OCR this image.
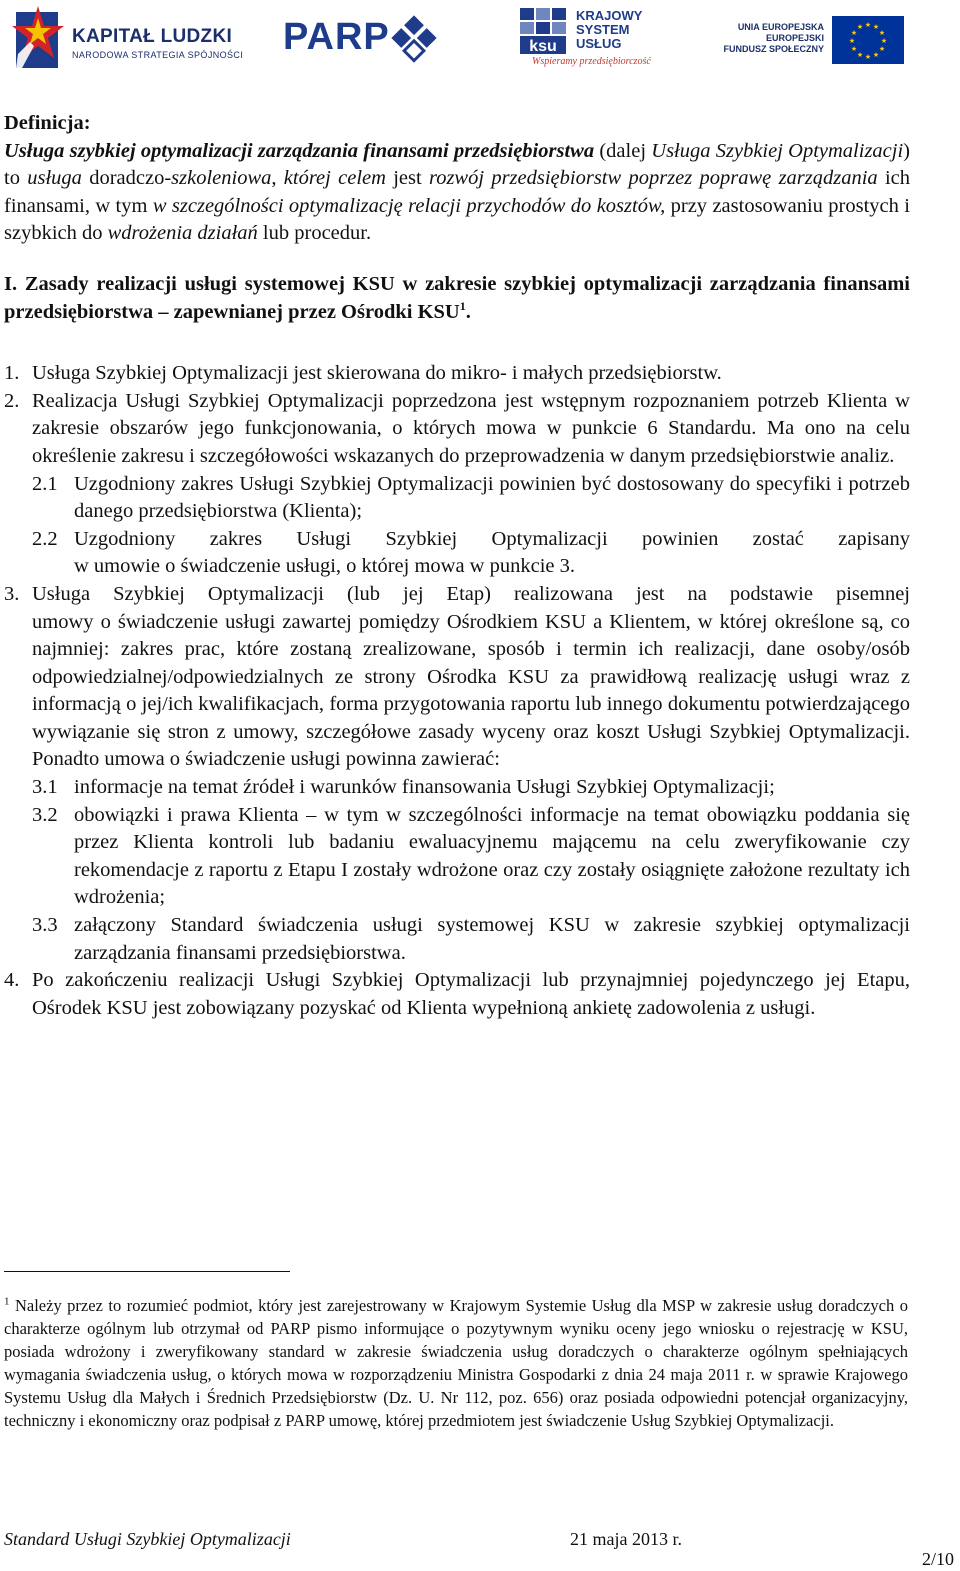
KAPITAŁ LUDZKI
NARODOWA STRATEGIA SPÓJNOŚCI PARP	ksu
KRAJOWY
SYSTEM
USŁUG
Wspieramy przedsiębiorczość
UNIA EUROPEJSKA
EUROPEJSKI
FUNDUSZ SPOŁECZNY
★ ★
★
★
★
★
★
★
★
★
★
★

Definicja:

Usługa szybkiej optymalizacji zarządzania finansami przedsiębiorstwa (dalej Usługa Szybkiej Optymalizacji) to usługa doradczo-szkoleniowa, której celem jest rozwój przedsiębiorstw poprzez poprawę zarządzania ich finansami, w tym w szczególności optymalizację relacji przychodów do kosztów, przy zastosowaniu prostych i szybkich do wdrożenia działań lub procedur.

I. Zasady realizacji usługi systemowej KSU w zakresie szybkiej optymalizacji zarządzania finansami przedsiębiorstwa – zapewnianej przez Ośrodki KSU$^1$.

1. Usługa Szybkiej Optymalizacji jest skierowana do mikro- i małych przedsiębiorstw.

2. Realizacja Usługi Szybkiej Optymalizacji poprzedzona jest wstępnym rozpoznaniem potrzeb Klienta w zakresie obszarów jego funkcjonowania, o których mowa w punkcie 6 Standardu. Ma ono na celu określenie zakresu i szczegółowości wskazanych do przeprowadzenia w danym przedsiębiorstwie analiz.

2.1 Uzgodniony zakres Usługi Szybkiej Optymalizacji powinien być dostosowany do specyfiki i potrzeb danego przedsiębiorstwa (Klienta);

2.2 Uzgodniony zakres Usługi Szybkiej Optymalizacji powinien zostać zapisany

w umowie o świadczenie usługi, o której mowa w punkcie 3.

3. Usługa Szybkiej Optymalizacji (lub jej Etap) realizowana jest na podstawie pisemnej

umowy o świadczenie usługi zawartej pomiędzy Ośrodkiem KSU a Klientem, w której określone są, co najmniej: zakres prac, które zostaną zrealizowane, sposób i termin ich realizacji, dane osoby/osób odpowiedzialnej/odpowiedzialnych ze strony Ośrodka KSU za prawidłową realizację usługi wraz z informacją o jej/ich kwalifikacjach, forma przygotowania raportu lub innego dokumentu potwierdzającego wywiązanie się stron z umowy, szczegółowe zasady wyceny oraz koszt Usługi Szybkiej Optymalizacji. Ponadto umowa o świadczenie usługi powinna zawierać:

3.1 informacje na temat źródeł i warunków finansowania Usługi Szybkiej Optymalizacji;

3.2 obowiązki i prawa Klienta – w tym w szczególności informacje na temat obowiązku poddania się przez Klienta kontroli lub badaniu ewaluacyjnemu mającemu na celu zweryfikowanie czy rekomendacje z raportu z Etapu I zostały wdrożone oraz czy zostały osiągnięte założone rezultaty ich wdrożenia;

3.3 załączony Standard świadczenia usługi systemowej KSU w zakresie szybkiej optymalizacji zarządzania finansami przedsiębiorstwa.

4. Po zakończeniu realizacji Usługi Szybkiej Optymalizacji lub przynajmniej pojedynczego jej Etapu, Ośrodek KSU jest zobowiązany pozyskać od Klienta wypełnioną ankietę zadowolenia z usługi.

$^1$ Należy przez to rozumieć podmiot, który jest zarejestrowany w Krajowym Systemie Usług dla MSP w zakresie usług doradczych o charakterze ogólnym lub otrzymał od PARP pismo informujące o pozytywnym wyniku oceny jego wniosku o rejestrację w KSU, posiada wdrożony i zweryfikowany standard w zakresie świadczenia usług doradczych o charakterze ogólnym spełniających wymagania świadczenia usług, o których mowa w rozporządzeniu Ministra Gospodarki z dnia 24 maja 2011 r. w sprawie Krajowego Systemu Usług dla Małych i Średnich Przedsiębiorstw (Dz. U. Nr 112, poz. 656) oraz posiada odpowiedni potencjał organizacyjny, techniczny i ekonomiczny oraz podpisał z PARP umowę, której przedmiotem jest świadczenie Usług Szybkiej Optymalizacji.
Standard Usługi Szybkiej Optymalizacji	21 maja 2013 r.
2/10
